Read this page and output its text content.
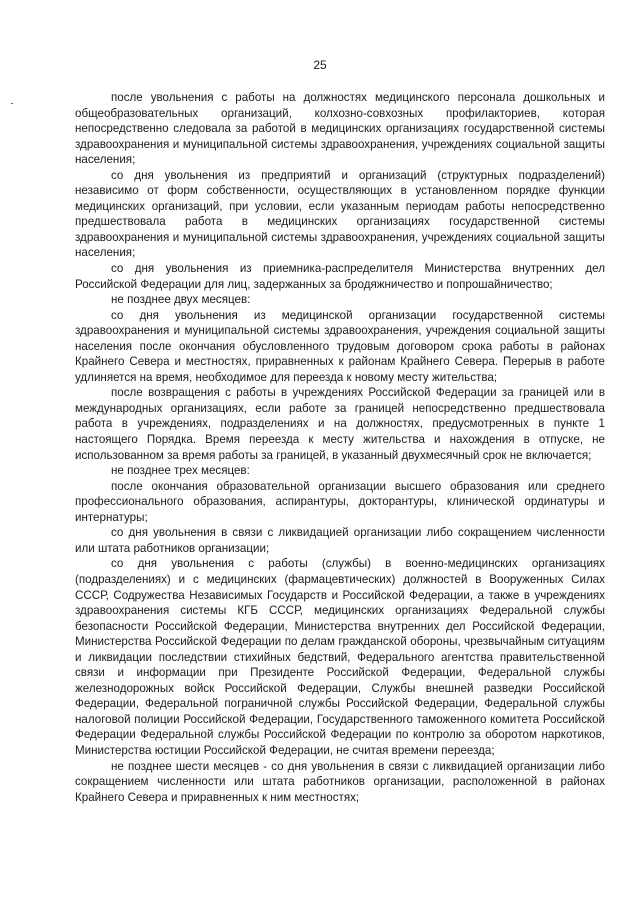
25

после увольнения с работы на должностях медицинского персонала дошкольных и общеобразовательных организаций, колхозно-совхозных профилакториев, которая непосредственно следовала за работой в медицинских организациях государственной системы здравоохранения и муниципальной системы здравоохранения, учреждениях социальной защиты населения;

со дня увольнения из предприятий и организаций (структурных подразделений) независимо от форм собственности, осуществляющих в установленном порядке функции медицинских организаций, при условии, если указанным периодам работы непосредственно предшествовала работа в медицинских организациях государственной системы здравоохранения и муниципальной системы здравоохранения, учреждениях социальной защиты населения;

со дня увольнения из приемника-распределителя Министерства внутренних дел Российской Федерации для лиц, задержанных за бродяжничество и попрошайничество;

не позднее двух месяцев:

со дня увольнения из медицинской организации государственной системы здравоохранения и муниципальной системы здравоохранения, учреждения социальной защиты населения после окончания обусловленного трудовым договором срока работы в районах Крайнего Севера и местностях, приравненных к районам Крайнего Севера. Перерыв в работе удлиняется на время, необходимое для переезда к новому месту жительства;

после возвращения с работы в учреждениях Российской Федерации за границей или в международных организациях, если работе за границей непосредственно предшествовала работа в учреждениях, подразделениях и на должностях, предусмотренных в пункте 1 настоящего Порядка. Время переезда к месту жительства и нахождения в отпуске, не использованном за время работы за границей, в указанный двухмесячный срок не включается;

не позднее трех месяцев:

после окончания образовательной организации высшего образования или среднего профессионального образования, аспирантуры, докторантуры, клинической ординатуры и интернатуры;

со дня увольнения в связи с ликвидацией организации либо сокращением численности или штата работников организации;

со дня увольнения с работы (службы) в военно-медицинских организациях (подразделениях) и с медицинских (фармацевтических) должностей в Вооруженных Силах СССР, Содружества Независимых Государств и Российской Федерации, а также в учреждениях здравоохранения системы КГБ СССР, медицинских организациях Федеральной службы безопасности Российской Федерации, Министерства внутренних дел Российской Федерации, Министерства Российской Федерации по делам гражданской обороны, чрезвычайным ситуациям и ликвидации последствии стихийных бедствий, Федерального агентства правительственной связи и информации при Президенте Российской Федерации, Федеральной службы железнодорожных войск Российской Федерации, Службы внешней разведки Российской Федерации, Федеральной пограничной службы Российской Федерации, Федеральной службы налоговой полиции Российской Федерации, Государственного таможенного комитета Российской Федерации Федеральной службы Российской Федерации по контролю за оборотом наркотиков, Министерства юстиции Российской Федерации, не считая времени переезда;

не позднее шести месяцев - со дня увольнения в связи с ликвидацией организации либо сокращением численности или штата работников организации, расположенной в районах Крайнего Севера и приравненных к ним местностях;
